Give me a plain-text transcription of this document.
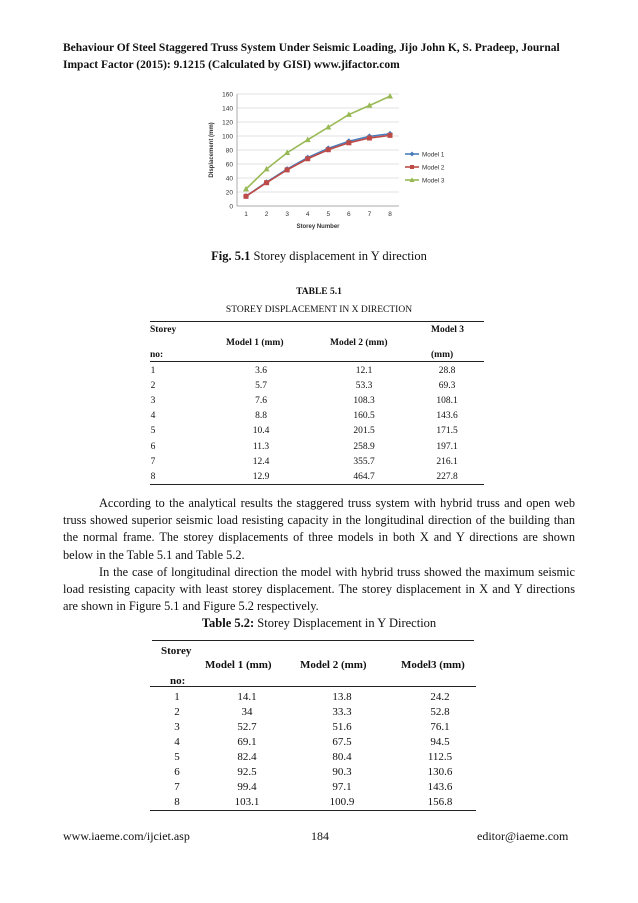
Behaviour Of Steel Staggered Truss System Under Seismic Loading, Jijo John K, S. Pradeep, Journal Impact Factor (2015): 9.1215 (Calculated by GISI) www.jifactor.com
0
20
40
60
80
100
120
140
160
1	2	3	4	5	6	7	8
Storey Number
Displacement (mm)	Model 1
Model 2
Model 3
Fig. 5.1 Storey displacement in Y direction
TABLE 5.1
STOREY DISPLACEMENT IN X DIRECTION
Storey	Model 3
Model 1 (mm)	Model 2 (mm)
no:	(mm)
1	3.6	12.1	28.8
2	5.7	53.3	69.3
3	7.6	108.3	108.1
4	8.8	160.5	143.6
5	10.4	201.5	171.5
6	11.3	258.9	197.1
7	12.4	355.7	216.1
8	12.9	464.7	227.8
According to the analytical results the staggered truss system with hybrid truss and open web truss showed superior seismic load resisting capacity in the longitudinal direction of the building than the normal frame. The storey displacements of three models in both X and Y directions are shown below in the Table 5.1 and Table 5.2.
In the case of longitudinal direction the model with hybrid truss showed the maximum seismic load resisting capacity with least storey displacement. The storey displacement in X and Y directions are shown in Figure 5.1 and Figure 5.2 respectively.
Table 5.2: Storey Displacement in Y Direction
Storey
Model 1 (mm)	Model 2 (mm)	Model3 (mm)
no:
1	14.1	13.8	24.2
2	34	33.3	52.8
3	52.7	51.6	76.1
4	69.1	67.5	94.5
5	82.4	80.4	112.5
6	92.5	90.3	130.6
7	99.4	97.1	143.6
8	103.1	100.9	156.8
www.iaeme.com/ijciet.asp	184	editor@iaeme.com
